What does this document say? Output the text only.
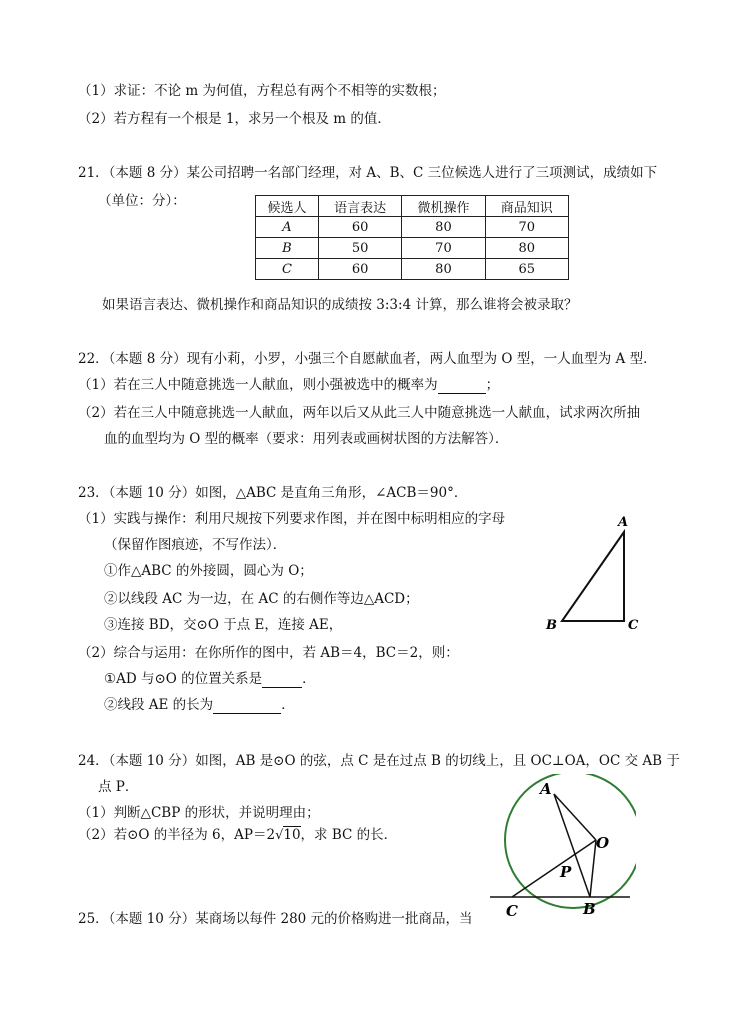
（1）求证：不论 m 为何值，方程总有两个不相等的实数根；
（2）若方程有一个根是 1，求另一个根及 m 的值．
21．（本题 8 分）某公司招聘一名部门经理，对 A、B、C 三位候选人进行了三项测试，成绩如下
（单位：分）：	候选人	语言表达	微机操作	商品知识
A	60	80	70
B	50	70	80
C	60	80	65
如果语言表达、微机操作和商品知识的成绩按 3:3:4 计算，那么谁将会被录取？
22．（本题 8 分）现有小莉，小罗，小强三个自愿献血者，两人血型为 O 型，一人血型为 A 型．
（1）若在三人中随意挑选一人献血，则小强被选中的概率为	；
（2）若在三人中随意挑选一人献血，两年以后又从此三人中随意挑选一人献血，试求两次所抽
血的血型均为 O 型的概率（要求：用列表或画树状图的方法解答）．
23．（本题 10 分）如图，△ABC 是直角三角形，∠ACB＝90°．
（1）实践与操作：利用尺规按下列要求作图，并在图中标明相应的字母
（保留作图痕迹，不写作法）．
①作△ABC 的外接圆，圆心为 O；
②以线段 AC 为一边，在 AC 的右侧作等边△ACD；
③连接 BD，交⊙O 于点 E，连接 AE，
（2）综合与运用：在你所作的图中，若 AB＝4，BC＝2，则：
①AD 与⊙O 的位置关系是	．
②线段 AE 的长为	．
A
B	C
24．（本题 10 分）如图，AB 是⊙O 的弦，点 C 是在过点 B 的切线上，且 OC⊥OA，OC 交 AB 于
点 P．
（1）判断△CBP 的形状，并说明理由；
（2）若⊙O 的半径为 6，AP＝2√10，求 BC 的长．
A
O
P
C	B
25．（本题 10 分）某商场以每件 280 元的价格购进一批商品，当
